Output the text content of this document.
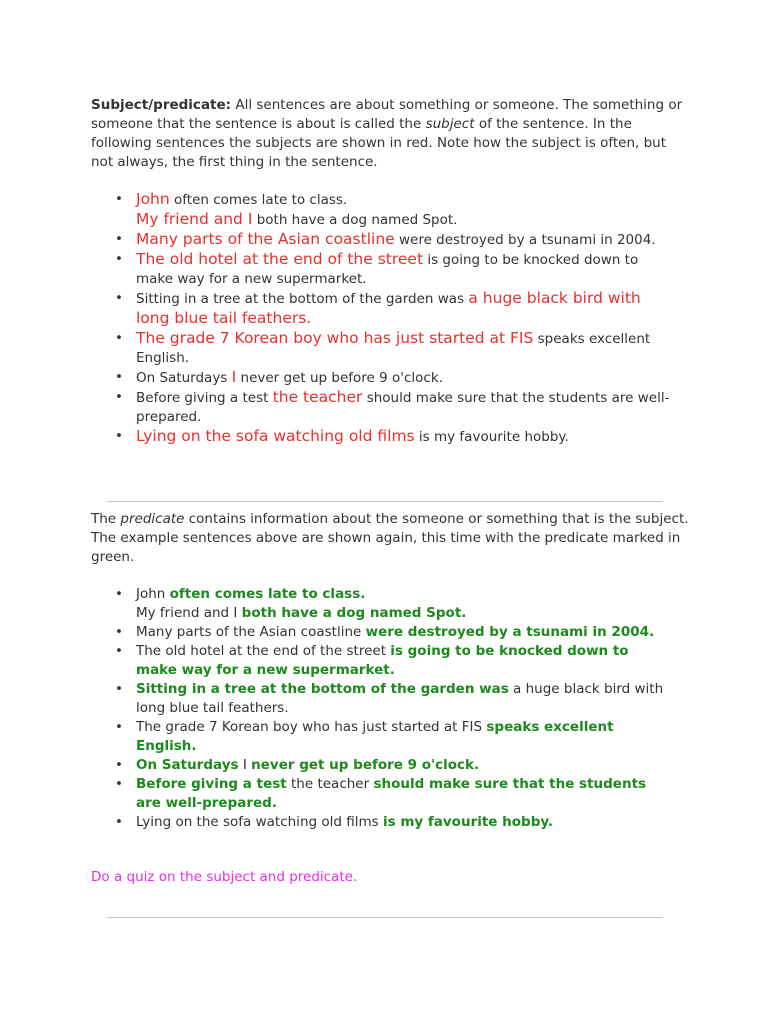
Subject/predicate: All sentences are about something or someone. The something or someone that the sentence is about is called the subject of the sentence. In the following sentences the subjects are shown in red. Note how the subject is often, but not always, the first thing in the sentence.

• John often comes late to class.
My friend and I both have a dog named Spot.
• Many parts of the Asian coastline were destroyed by a tsunami in 2004.
• The old hotel at the end of the street is going to be knocked down to make way for a new supermarket.
• Sitting in a tree at the bottom of the garden was a huge black bird with long blue tail feathers.
• The grade 7 Korean boy who has just started at FIS speaks excellent English.
• On Saturdays I never get up before 9 o'clock.
• Before giving a test the teacher should make sure that the students are well-prepared.
• Lying on the sofa watching old films is my favourite hobby.

The predicate contains information about the someone or something that is the subject. The example sentences above are shown again, this time with the predicate marked in green.

• John often comes late to class.
My friend and I both have a dog named Spot.
• Many parts of the Asian coastline were destroyed by a tsunami in 2004.
• The old hotel at the end of the street is going to be knocked down to make way for a new supermarket.
• Sitting in a tree at the bottom of the garden was a huge black bird with long blue tail feathers.
• The grade 7 Korean boy who has just started at FIS speaks excellent English.
• On Saturdays I never get up before 9 o'clock.
• Before giving a test the teacher should make sure that the students are well-prepared.
• Lying on the sofa watching old films is my favourite hobby.
Do a quiz on the subject and predicate.
